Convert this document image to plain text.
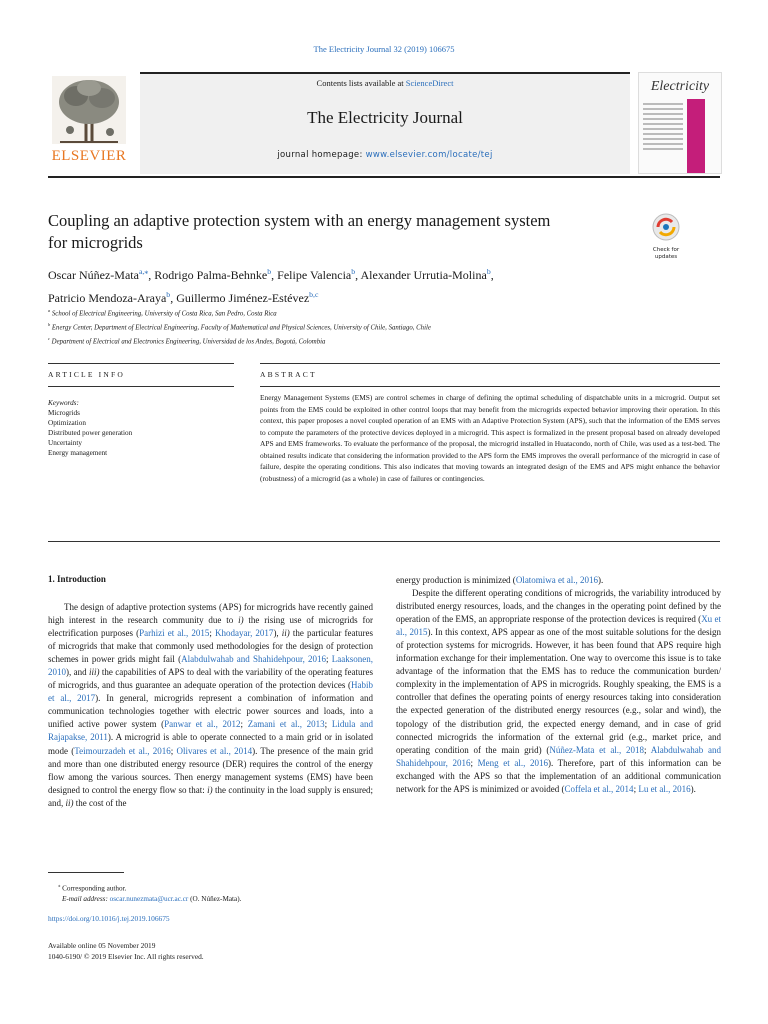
The Electricity Journal 32 (2019) 106675
ELSEVIER
Contents lists available at ScienceDirect
The Electricity Journal
journal homepage: www.elsevier.com/locate/tej
Electricity
Coupling an adaptive protection system with an energy management system
for microgrids	Check for
updates
Oscar Núñez-Mata$^{a,⁎}$, Rodrigo Palma-Behnke$^b$, Felipe Valencia$^b$, Alexander Urrutia-Molina$^b$,
Patricio Mendoza-Araya$^b$, Guillermo Jiménez-Estévez$^{b,c}$
$^a$ School of Electrical Engineering, University of Costa Rica, San Pedro, Costa Rica
$^b$ Energy Center, Department of Electrical Engineering, Faculty of Mathematical and Physical Sciences, University of Chile, Santiago, Chile
$^c$ Department of Electrical and Electronics Engineering, Universidad de los Andes, Bogotá, Colombia
ARTICLE INFO	ABSTRACT
Keywords:
Microgrids
Optimization
Distributed power generation
Uncertainty
Energy management
Energy Management Systems (EMS) are control schemes in charge of defining the optimal scheduling of dispatchable units in a microgrid. Output set points from the EMS could be exploited in other control loops that may benefit from the microgrids expected behavior improving their operation. In this context, this paper proposes a novel coupled operation of an EMS with an Adaptive Protection System (APS), such that the information of the EMS serves to compute the parameters of the protective devices deployed in a microgrid. This aspect is formalized in the present proposal based on already developed APS and EMS frameworks. To evaluate the performance of the proposal, the microgrid installed in Huatacondo, north of Chile, was used as a test-bed. The obtained results indicate that considering the information provided to the APS form the EMS improves the overall performance of the microgrid in case of failure, despite the operating conditions. This also indicates that moving towards an integrated design of the EMS and APS might enhance the behavior (robustness) of a microgrid (as a whole) in case of failures or contingencies.
1. Introduction
The design of adaptive protection systems (APS) for microgrids have recently gained high interest in the research community due to i) the rising use of microgrids for electrification purposes (Parhizi et al., 2015; Khodayar, 2017), ii) the particular features of microgrids that make that commonly used methodologies for the design of protection schemes in power grids might fail (Alabdulwahab and Shahidehpour, 2016; Laaksonen, 2010), and iii) the capabilities of APS to deal with the variability of the operating features of microgrids, and thus guarantee an adequate operation of the protection devices (Habib et al., 2017). In general, microgrids represent a combination of information and communication technologies together with electric power sources and loads, into a unified active power system (Panwar et al., 2012; Zamani et al., 2013; Lidula and Rajapakse, 2011). A microgrid is able to operate connected to a main grid or in isolated mode (Teimourzadeh et al., 2016; Olivares et al., 2014). The presence of the main grid and more than one distributed energy resource (DER) requires the control of the energy flow among the various sources. Then energy management systems (EMS) have been designed to control the energy flow so that: i) the continuity in the load supply is ensured; and, ii) the cost of the

energy production is minimized (Olatomiwa et al., 2016).

Despite the different operating conditions of microgrids, the variability introduced by distributed energy resources, loads, and the changes in the operating point defined by the operation of the EMS, an appropriate response of the protection devices is required (Xu et al., 2015). In this context, APS appear as one of the most suitable solutions for the design of protection systems for microgrids. However, it has been found that APS require high information exchange for their implementation. One way to overcome this issue is to take advantage of the information that the EMS has to reduce the communication burden/ complexity in the implementation of APS in microgrids. Roughly speaking, the EMS is a controller that defines the operating points of energy resources taking into consideration the expected generation of the distributed energy resources (e.g., solar and wind), the topology of the distribution grid, the expected energy demand, and in case of grid connected microgrids the information of the external grid (e.g., market price, and operating condition of the main grid) (Núñez-Mata et al., 2018; Alabdulwahab and Shahidehpour, 2016; Meng et al., 2016). Therefore, part of this information can be exchanged with the APS so that the implementation of an additional communication network for the APS is minimized or avoided (Coffela et al., 2014; Lu et al., 2016).

⁎ Corresponding author.
E-mail address: oscar.nunezmata@ucr.ac.cr (O. Núñez-Mata).
https://doi.org/10.1016/j.tej.2019.106675
Available online 05 November 2019
1040-6190/ © 2019 Elsevier Inc. All rights reserved.
